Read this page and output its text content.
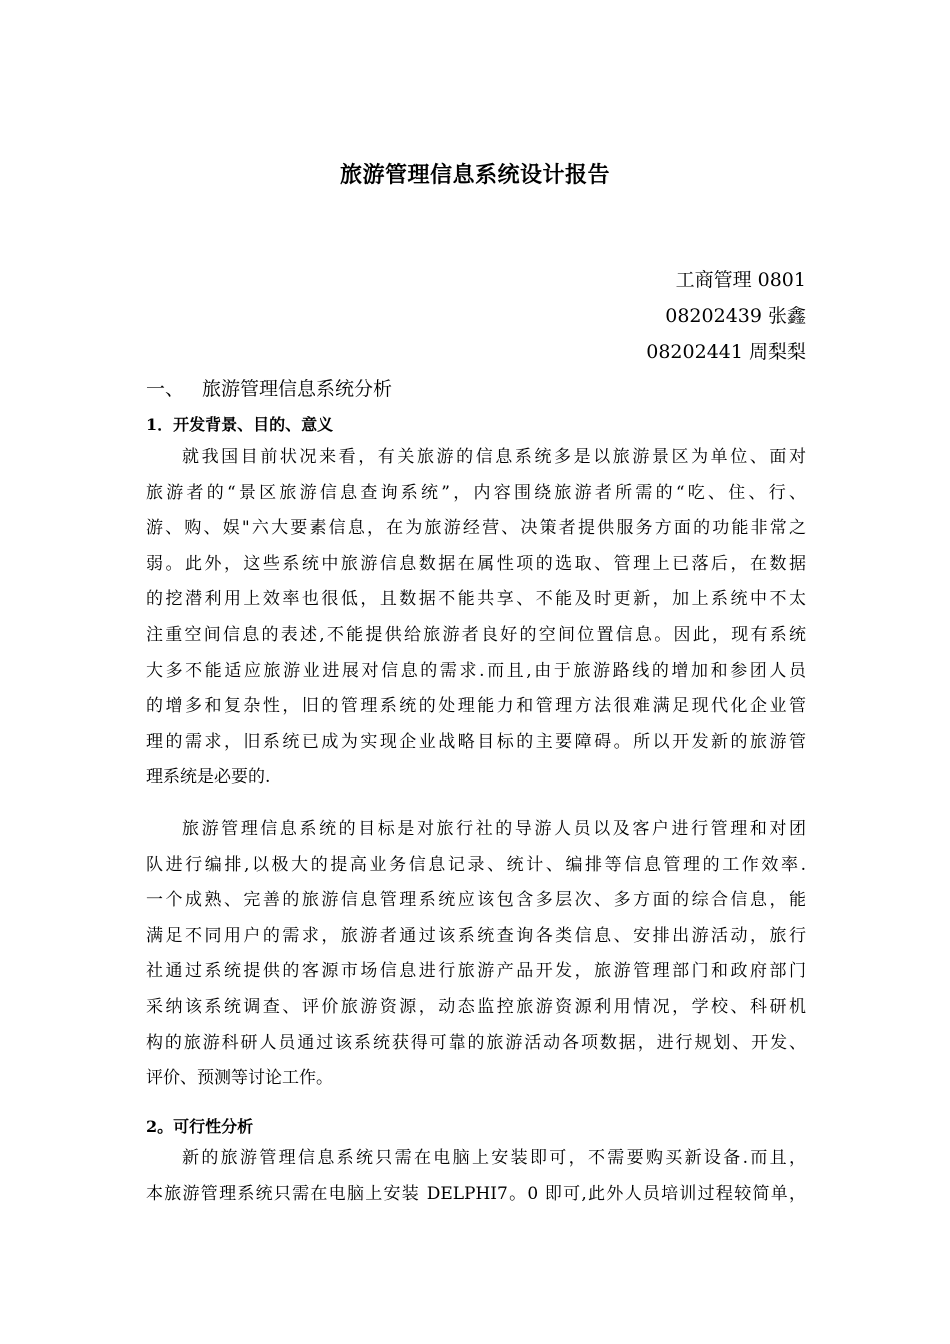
旅游管理信息系统设计报告
工商管理 0801
08202439 张鑫
08202441 周梨梨
一、 旅游管理信息系统分析
1．开发背景、目的、意义
就我国目前状况来看，有关旅游的信息系统多是以旅游景区为单位、面对
旅游者的“景区旅游信息查询系统”，内容围绕旅游者所需的“吃、住、行、
游、购、娱"六大要素信息，在为旅游经营、决策者提供服务方面的功能非常之
弱。此外，这些系统中旅游信息数据在属性项的选取、管理上已落后，在数据
的挖潜利用上效率也很低，且数据不能共享、不能及时更新，加上系统中不太
注重空间信息的表述,不能提供给旅游者良好的空间位置信息。因此，现有系统
大多不能适应旅游业进展对信息的需求.而且,由于旅游路线的增加和参团人员
的增多和复杂性，旧的管理系统的处理能力和管理方法很难满足现代化企业管
理的需求，旧系统已成为实现企业战略目标的主要障碍。所以开发新的旅游管
理系统是必要的.
旅游管理信息系统的目标是对旅行社的导游人员以及客户进行管理和对团
队进行编排,以极大的提高业务信息记录、统计、编排等信息管理的工作效率.
一个成熟、完善的旅游信息管理系统应该包含多层次、多方面的综合信息，能
满足不同用户的需求，旅游者通过该系统查询各类信息、安排出游活动，旅行
社通过系统提供的客源市场信息进行旅游产品开发，旅游管理部门和政府部门
采纳该系统调查、评价旅游资源，动态监控旅游资源利用情况，学校、科研机
构的旅游科研人员通过该系统获得可靠的旅游活动各项数据，进行规划、开发、
评价、预测等讨论工作。
2。可行性分析
新的旅游管理信息系统只需在电脑上安装即可，不需要购买新设备.而且，
本旅游管理系统只需在电脑上安装 DELPHI7。0 即可,此外人员培训过程较简单，
